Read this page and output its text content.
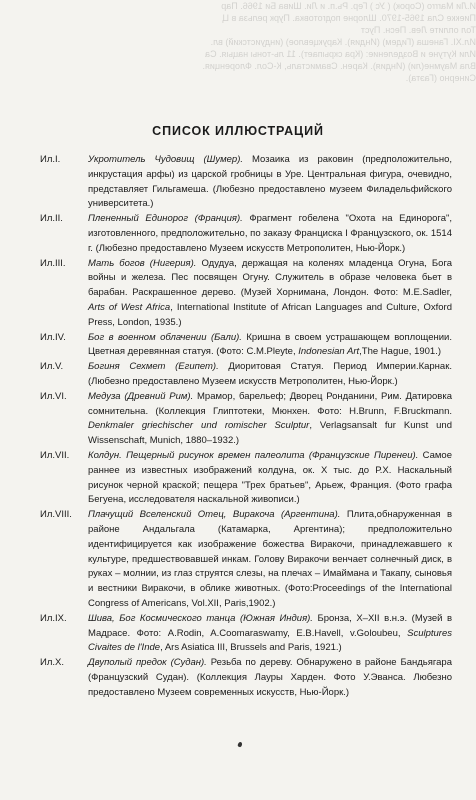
И.Ли Маrrrо (Сорок) ( Ус ) Гер. Рь.п. и Ли. Шива Би 1966. Пар
Пиекке Сла 1965-1970. Шлорне подготовка. Пурк рельза в Ц
Тол оплите Лев. Песн. Пуст
Ил.XI. Ганеша (Гидем) (Индия). Карукцевлое) (индуистский) вл.
Или Кутуне и Возделение: (Кра скрыпает). 11 ль-тоны нацыя. Са
Вла Маумне(ли) (Индия). Карен. Свамисталь, К-Сол. Флоренция.
Синерно (Гаэта).
СПИСОК ИЛЛЮСТРАЦИЙ
Ил.I.	Укротитель Чудовищ (Шумер). Мозаика из раковин (предположительно, инкрустация арфы) из царской гробницы в Уре. Центральная фигура, очевидно, представляет Гильгамеша. (Любезно предоставлено музеем Филадельфийского университета.)
Ил.II.	Плененный Единорог (Франция). Фрагмент гобелена "Охота на Единорога", изготовленного, предположительно, по заказу Франциска I Французского, ок. 1514 г. (Любезно предоставлено Музеем искусств Метрополитен, Нью-Йорк.)
Ил.III. Мать богов (Нигерия). Одудуа, держащая на коленях младенца Огуна, Бога войны и железа. Пес посвящен Огуну. Служитель в образе человека бьет в барабан. Раскрашенное дерево. (Музей Хорнимана, Лондон. Фото: M.E.Sadler, Arts of West Africa, International Institute of African Languages and Culture, Oxford Press, London, 1935.)
Ил.IV. Бог в военном облачении (Бали). Кришна в своем устрашающем воплощении. Цветная деревянная статуя. (Фото: C.M.Pleyte, Indonesian Art,The Hague, 1901.)
Ил.V.	Богиня Сехмет (Египет). Диоритовая Статуя. Период Империи.Карнак. (Любезно предоставлено Музеем искусств Метрополитен, Нью-Йорк.)
Ил.VI. Медуза (Древний Рим). Мрамор, барельеф; Дворец Ронданини, Рим. Датировка сомнительна. (Коллекция Глиптотеки, Мюнхен. Фото: H.Brunn, F.Bruckmann. Denkmaler griechischer und romischer Sculptur, Verlagsansalt fur Kunst und Wissenschaft, Munich, 1880–1932.)
Ил.VII. Колдун. Пещерный рисунок времен палеолита (Французские Пиренеи). Самое раннее из известных изображений колдуна, ок. X тыс. до Р.Х. Наскальный рисунок черной краской; пещера "Трех братьев", Арьеж, Франция. (Фото графа Бегуена, исследователя наскальной живописи.)
Ил.VIII. Плачущий Вселенский Отец, Виракоча (Аргентина). Плита,обнаруженная в районе Андальгала (Катамарка, Аргентина); предположительно идентифицируется как изображение божества Виракочи, принадлежавшего к культуре, предшествовавшей инкам. Голову Виракочи венчает солнечный диск, в руках – молнии, из глаз струятся слезы, на плечах – Имаймана и Такапу, сыновья и вестники Виракочи, в облике животных. (Фото:Proceedings of the International Congress of Americans, Vol.XII, Paris,1902.)
Ил.IX. Шива, Бог Космического танца (Южная Индия). Бронза, X–XII в.н.э. (Музей в Мадрасе. Фото: A.Rodin, A.Coomaraswamy, E.B.Havell, v.Goloubeu, Sculptures Civaites de l'Inde, Ars Asiatica III, Brussels and Paris, 1921.)
Ил.X.	Двуполый предок (Судан). Резьба по дереву. Обнаружено в районе Бандьягара (Французский Судан). (Коллекция Лауры Харден. Фото У.Эванса. Любезно предоставлено Музеем современных искусств, Нью-Йорк.)
